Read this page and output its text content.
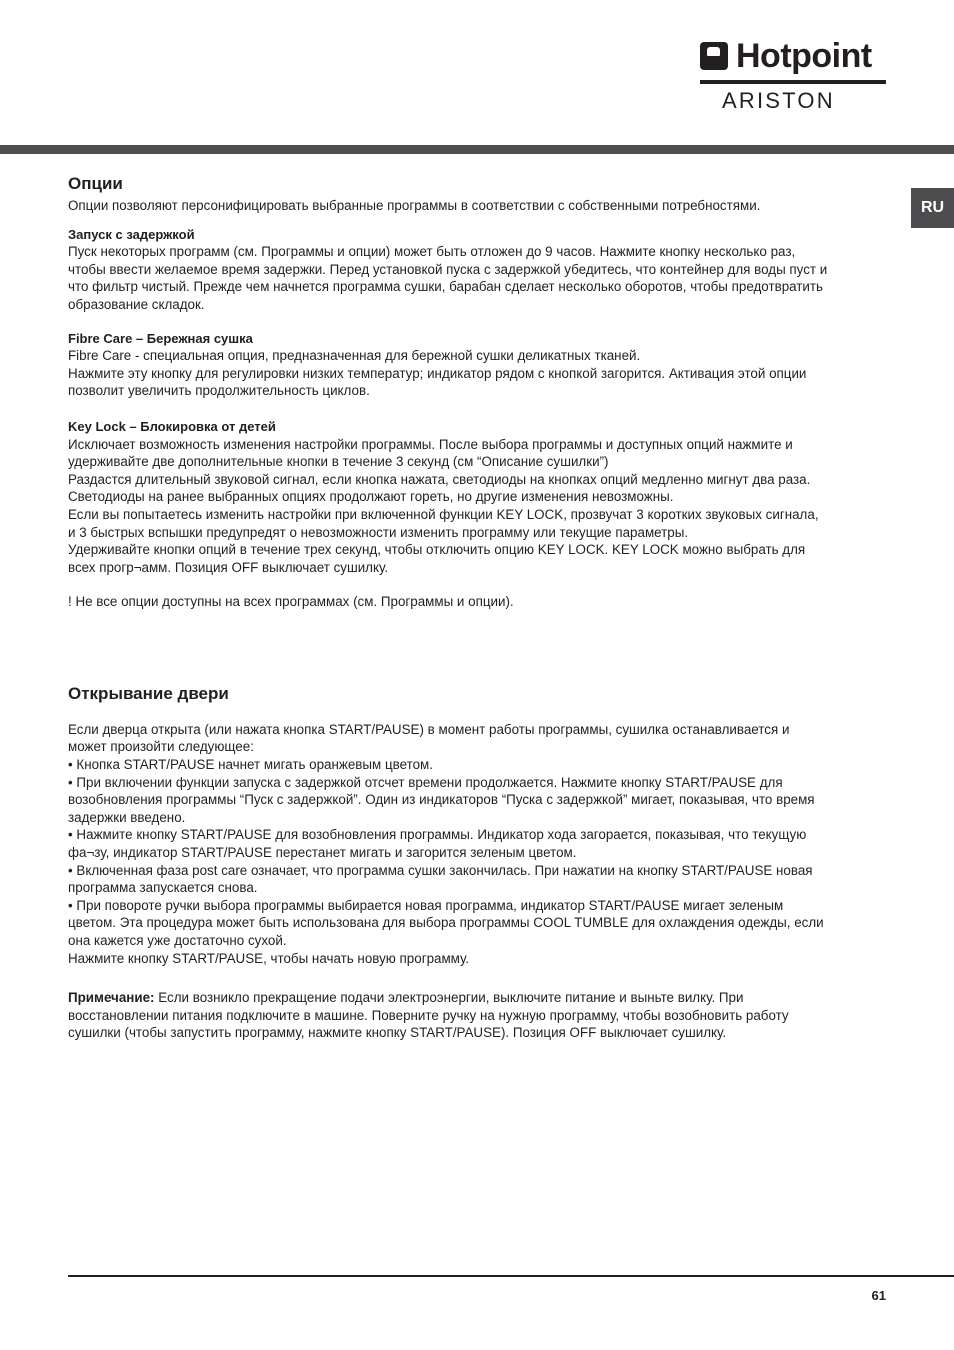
Hotpoint
ARISTON
RU
Опции

Опции позволяют персонифицировать выбранные программы в соответствии с собственными потребностями.

Запуск с задержкой

Пуск некоторых программ (см. Программы и опции) может быть отложен до 9 часов. Нажмите кнопку несколько раз,
чтобы ввести желаемое время задержки. Перед установкой пуска с задержкой убедитесь, что контейнер для воды пуст и
что фильтр чистый. Прежде чем начнется программа сушки, барабан сделает несколько оборотов, чтобы предотвратить
образование складок.

Fibre Care – Бережная сушка

Fibre Care - специальная опция, предназначенная для бережной сушки деликатных тканей.
Нажмите эту кнопку для регулировки низких температур; индикатор рядом с кнопкой загорится. Активация этой опции
позволит увеличить продолжительность циклов.

Key Lock – Блокировка от детей

Исключает возможность изменения настройки программы. После выбора программы и доступных опций нажмите и
удерживайте две дополнительные кнопки в течение 3 секунд (см “Описание сушилки”)
Раздастся длительный звуковой сигнал, если кнопка нажата, светодиоды на кнопках опций медленно мигнут два раза.
Светодиоды на ранее выбранных опциях продолжают гореть, но другие изменения невозможны.
Если вы попытаетесь изменить настройки при включенной функции KEY LOCK, прозвучат 3 коротких звуковых сигнала,
и 3 быстрых вспышки предупредят о невозможности изменить программу или текущие параметры.
Удерживайте кнопки опций в течение трех секунд, чтобы отключить опцию KEY LOCK. KEY LOCK можно выбрать для
всех прогр¬амм. Позиция OFF выключает сушилку.

! Не все опции доступны на всех программах (см. Программы и опции).

Открывание двери

Если дверца открыта (или нажата кнопка START/PAUSE) в момент работы программы, сушилка останавливается и
может произойти следующее:
• Кнопка START/PAUSE начнет мигать оранжевым цветом.
• При включении функции запуска с задержкой отсчет времени продолжается. Нажмите кнопку START/PAUSE для
возобновления программы “Пуск с задержкой”. Один из индикаторов “Пуска с задержкой” мигает, показывая, что время
задержки введено.
• Нажмите кнопку START/PAUSE для возобновления программы. Индикатор хода загорается, показывая, что текущую
фа¬зу, индикатор START/PAUSE перестанет мигать и загорится зеленым цветом.
• Включенная фаза post care означает, что программа сушки закончилась. При нажатии на кнопку START/PAUSE новая
программа запускается снова.
• При повороте ручки выбора программы выбирается новая программа, индикатор START/PAUSE мигает зеленым
цветом. Эта процедура может быть использована для выбора программы COOL TUMBLE для охлаждения одежды, если
она кажется уже достаточно сухой.
Нажмите кнопку START/PAUSE, чтобы начать новую программу.

Примечание: Если возникло прекращение подачи электроэнергии, выключите питание и выньте вилку. При
восстановлении питания подключите в машине. Поверните ручку на нужную программу, чтобы возобновить работу
сушилки (чтобы запустить программу, нажмите кнопку START/PAUSE). Позиция OFF выключает сушилку.

61
